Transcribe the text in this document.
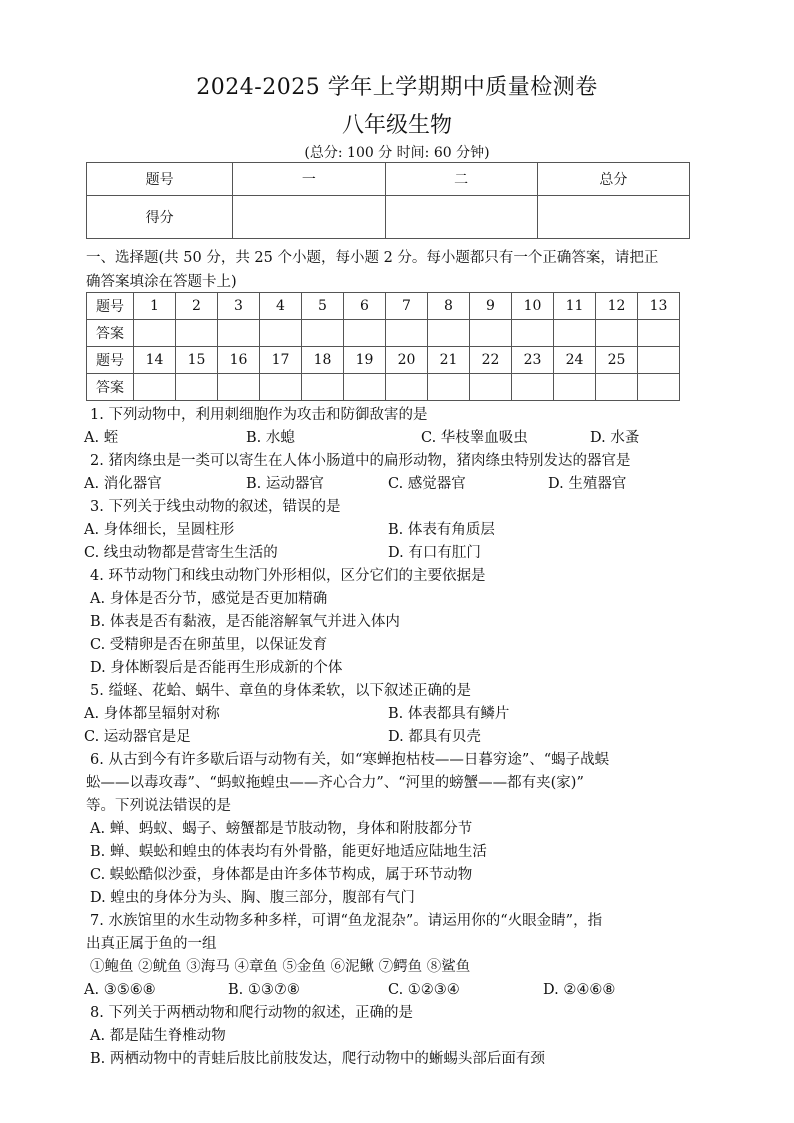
2024-2025 学年上学期期中质量检测卷
八年级生物
(总分: 100 分 时间: 60 分钟)
题号	一	二	总分
得分			
一、选择题(共 50 分，共 25 个小题，每小题 2 分。每小题都只有一个正确答案，请把正
确答案填涂在答题卡上)
题号	1	2	3	4	5	6	7	8	9	10	11	12	13
答案													
题号	14	15	16	17	18	19	20	21	22	23	24	25	
答案													
1. 下列动物中，利用刺细胞作为攻击和防御敌害的是
A. 蛭	B. 水螅	C. 华枝睾血吸虫	D. 水蚤
2. 猪肉绦虫是一类可以寄生在人体小肠道中的扁形动物，猪肉绦虫特别发达的器官是
A. 消化器官	B. 运动器官	C. 感觉器官	D. 生殖器官
3. 下列关于线虫动物的叙述，错误的是
A. 身体细长，呈圆柱形	B. 体表有角质层
C. 线虫动物都是营寄生生活的	D. 有口有肛门
4. 环节动物门和线虫动物门外形相似，区分它们的主要依据是
A. 身体是否分节，感觉是否更加精确
B. 体表是否有黏液，是否能溶解氧气并进入体内
C. 受精卵是否在卵茧里，以保证发育
D. 身体断裂后是否能再生形成新的个体
5. 缢蛏、花蛤、蜗牛、章鱼的身体柔软，以下叙述正确的是
A. 身体都呈辐射对称	B. 体表都具有鳞片
C. 运动器官是足	D. 都具有贝壳
6. 从古到今有许多歇后语与动物有关，如“寒蝉抱枯枝——日暮穷途”、“蝎子战蜈
蚣——以毒攻毒”、“蚂蚁拖蝗虫——齐心合力”、“河里的螃蟹——都有夹(家)”
等。下列说法错误的是
A. 蝉、蚂蚁、蝎子、螃蟹都是节肢动物，身体和附肢都分节
B. 蝉、蜈蚣和蝗虫的体表均有外骨骼，能更好地适应陆地生活
C. 蜈蚣酷似沙蚕，身体都是由许多体节构成，属于环节动物
D. 蝗虫的身体分为头、胸、腹三部分，腹部有气门
7. 水族馆里的水生动物多种多样，可谓“鱼龙混杂”。请运用你的“火眼金睛”，指
出真正属于鱼的一组
①鲍鱼 ②鱿鱼 ③海马 ④章鱼 ⑤金鱼 ⑥泥鳅 ⑦鳄鱼 ⑧鲨鱼
A. ③⑤⑥⑧	B. ①③⑦⑧	C. ①②③④	D. ②④⑥⑧
8. 下列关于两栖动物和爬行动物的叙述，正确的是
A. 都是陆生脊椎动物
B. 两栖动物中的青蛙后肢比前肢发达，爬行动物中的蜥蜴头部后面有颈
